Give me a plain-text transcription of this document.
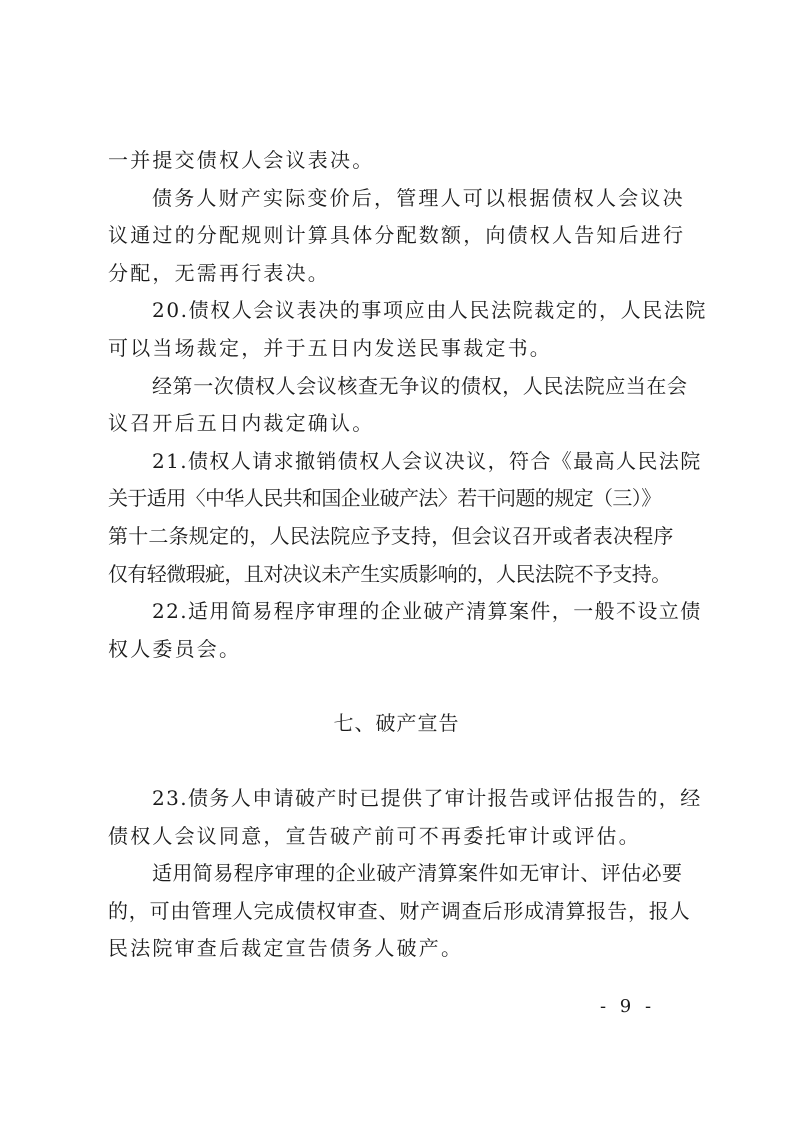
一并提交债权人会议表决。
债务人财产实际变价后，管理人可以根据债权人会议决
议通过的分配规则计算具体分配数额，向债权人告知后进行
分配，无需再行表决。
20.债权人会议表决的事项应由人民法院裁定的，人民法院
可以当场裁定，并于五日内发送民事裁定书。
经第一次债权人会议核查无争议的债权，人民法院应当在会
议召开后五日内裁定确认。
21.债权人请求撤销债权人会议决议，符合《最高人民法院
关于适用〈中华人民共和国企业破产法〉若干问题的规定（三）》
第十二条规定的，人民法院应予支持，但会议召开或者表决程序
仅有轻微瑕疵，且对决议未产生实质影响的，人民法院不予支持。
22.适用简易程序审理的企业破产清算案件，一般不设立债
权人委员会。
七、破产宣告
23.债务人申请破产时已提供了审计报告或评估报告的，经
债权人会议同意，宣告破产前可不再委托审计或评估。
适用简易程序审理的企业破产清算案件如无审计、评估必要
的，可由管理人完成债权审查、财产调查后形成清算报告，报人
民法院审查后裁定宣告债务人破产。
- 9 -
